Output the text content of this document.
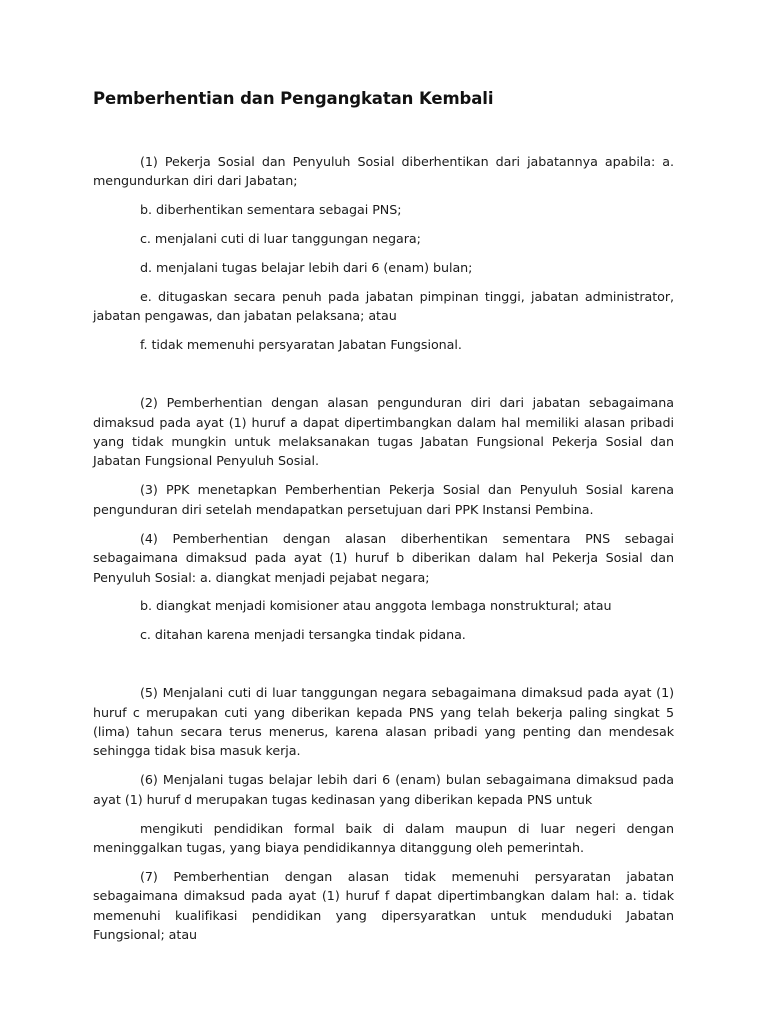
Pemberhentian dan Pengangkatan Kembali

(1) Pekerja Sosial dan Penyuluh Sosial diberhentikan dari jabatannya apabila: a. mengundurkan diri dari Jabatan;

b. diberhentikan sementara sebagai PNS;

c. menjalani cuti di luar tanggungan negara;

d. menjalani tugas belajar lebih dari 6 (enam) bulan;

e. ditugaskan secara penuh pada jabatan pimpinan tinggi, jabatan administrator, jabatan pengawas, dan jabatan pelaksana; atau

f. tidak memenuhi persyaratan Jabatan Fungsional.

(2) Pemberhentian dengan alasan pengunduran diri dari jabatan sebagaimana dimaksud pada ayat (1) huruf a dapat dipertimbangkan dalam hal memiliki alasan pribadi yang tidak mungkin untuk melaksanakan tugas Jabatan Fungsional Pekerja Sosial dan Jabatan Fungsional Penyuluh Sosial.

(3) PPK menetapkan Pemberhentian Pekerja Sosial dan Penyuluh Sosial karena pengunduran diri setelah mendapatkan persetujuan dari PPK Instansi Pembina.

(4) Pemberhentian dengan alasan diberhentikan sementara PNS sebagai sebagaimana dimaksud pada ayat (1) huruf b diberikan dalam hal Pekerja Sosial dan Penyuluh Sosial: a. diangkat menjadi pejabat negara;

b. diangkat menjadi komisioner atau anggota lembaga nonstruktural; atau

c. ditahan karena menjadi tersangka tindak pidana.

(5) Menjalani cuti di luar tanggungan negara sebagaimana dimaksud pada ayat (1) huruf c merupakan cuti yang diberikan kepada PNS yang telah bekerja paling singkat 5 (lima) tahun secara terus menerus, karena alasan pribadi yang penting dan mendesak sehingga tidak bisa masuk kerja.

(6) Menjalani tugas belajar lebih dari 6 (enam) bulan sebagaimana dimaksud pada ayat (1) huruf d merupakan tugas kedinasan yang diberikan kepada PNS untuk

mengikuti pendidikan formal baik di dalam maupun di luar negeri dengan meninggalkan tugas, yang biaya pendidikannya ditanggung oleh pemerintah.

(7) Pemberhentian dengan alasan tidak memenuhi persyaratan jabatan sebagaimana dimaksud pada ayat (1) huruf f dapat dipertimbangkan dalam hal: a. tidak memenuhi kualifikasi pendidikan yang dipersyaratkan untuk menduduki Jabatan Fungsional; atau
